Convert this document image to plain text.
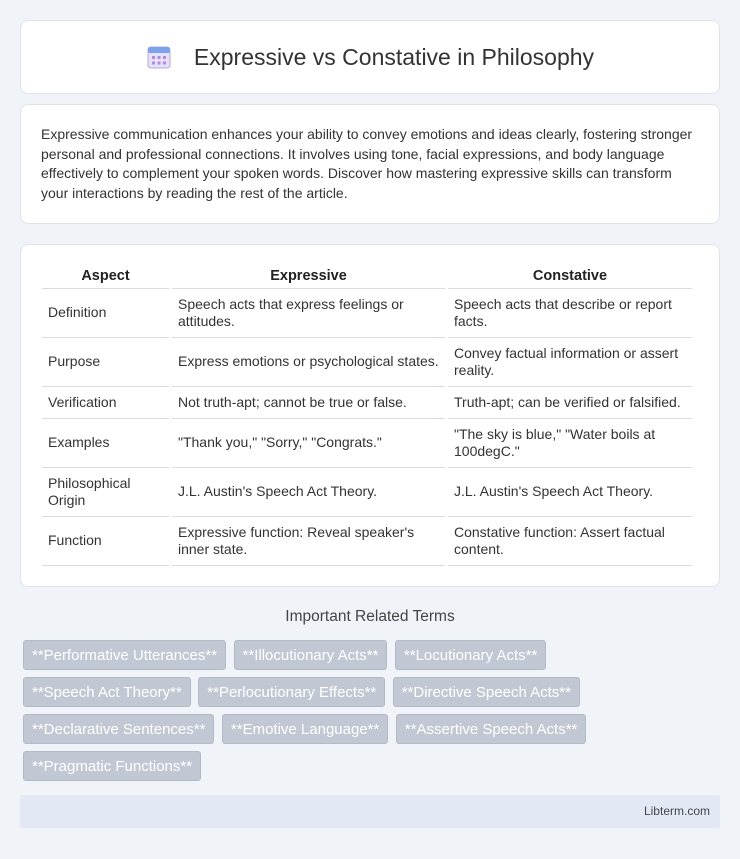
Expressive vs Constative in Philosophy

Expressive communication enhances your ability to convey emotions and ideas clearly, fostering stronger personal and professional connections. It involves using tone, facial expressions, and body language effectively to complement your spoken words. Discover how mastering expressive skills can transform your interactions by reading the rest of the article.

Aspect	Expressive	Constative
Definition	Speech acts that express feelings or attitudes.	Speech acts that describe or report facts.
Purpose	Express emotions or psychological states.	Convey factual information or assert reality.
Verification	Not truth-apt; cannot be true or false.	Truth-apt; can be verified or falsified.
Examples	"Thank you," "Sorry," "Congrats."	"The sky is blue," "Water boils at 100degC."
Philosophical Origin	J.L. Austin's Speech Act Theory.	J.L. Austin's Speech Act Theory.
Function	Expressive function: Reveal speaker's inner state.	Constative function: Assert factual content.
Important Related Terms
**Performative Utterances** **Illocutionary Acts** **Locutionary Acts** **Speech Act Theory** **Perlocutionary Effects** **Directive Speech Acts** **Declarative Sentences** **Emotive Language** **Assertive Speech Acts** **Pragmatic Functions**
Libterm.com
